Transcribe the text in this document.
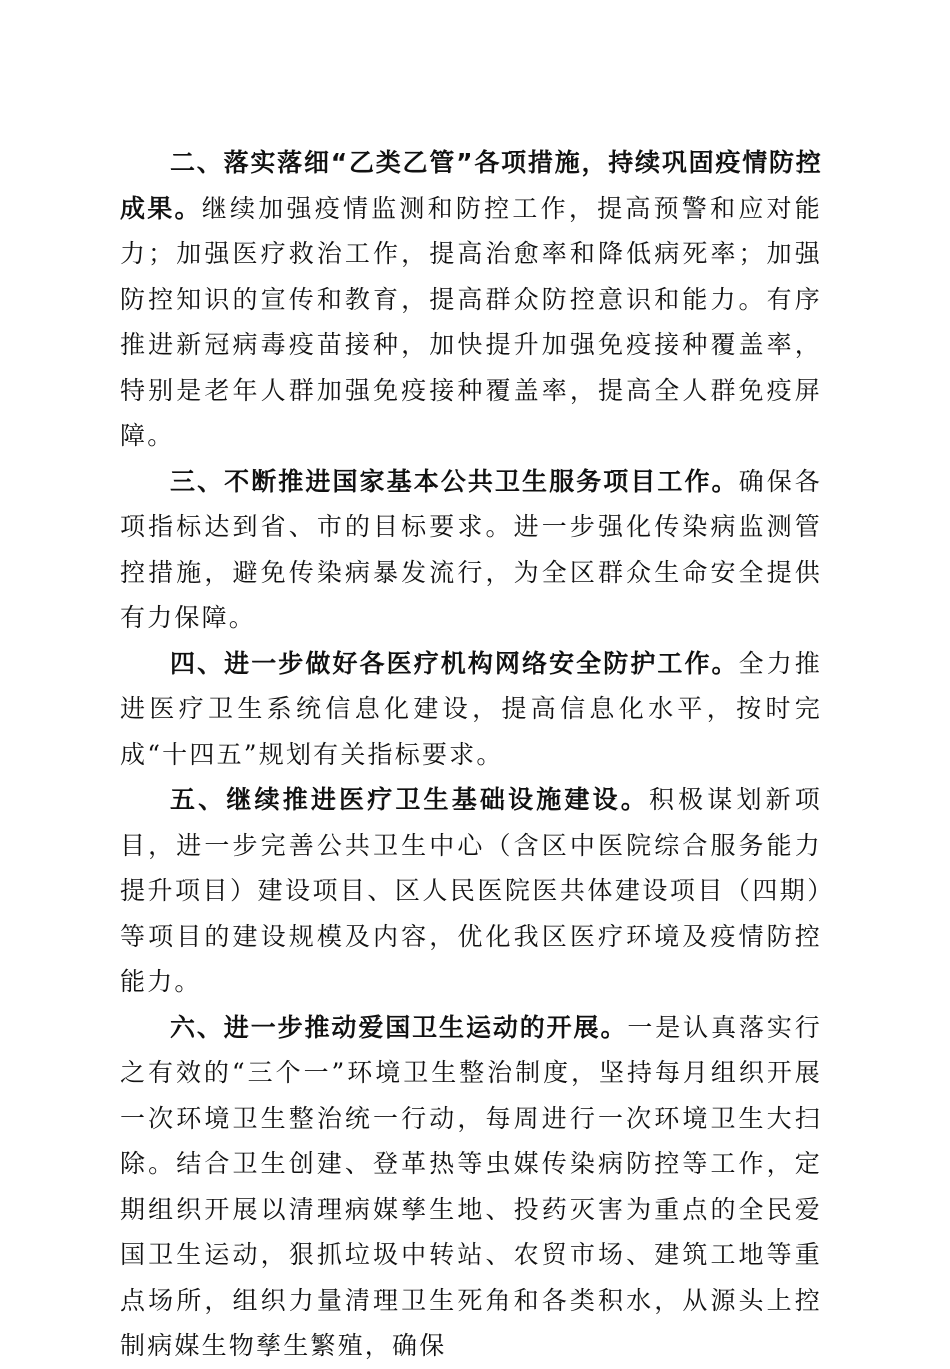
二、落实落细“乙类乙管”各项措施，持续巩固疫情防控成果。继续加强疫情监测和防控工作，提高预警和应对能力；加强医疗救治工作，提高治愈率和降低病死率；加强防控知识的宣传和教育，提高群众防控意识和能力。有序推进新冠病毒疫苗接种，加快提升加强免疫接种覆盖率，特别是老年人群加强免疫接种覆盖率，提高全人群免疫屏障。

三、不断推进国家基本公共卫生服务项目工作。确保各项指标达到省、市的目标要求。进一步强化传染病监测管控措施，避免传染病暴发流行，为全区群众生命安全提供有力保障。

四、进一步做好各医疗机构网络安全防护工作。全力推进医疗卫生系统信息化建设，提高信息化水平，按时完成“十四五”规划有关指标要求。

五、继续推进医疗卫生基础设施建设。积极谋划新项目，进一步完善公共卫生中心（含区中医院综合服务能力提升项目）建设项目、区人民医院医共体建设项目（四期）等项目的建设规模及内容，优化我区医疗环境及疫情防控能力。

六、进一步推动爱国卫生运动的开展。一是认真落实行之有效的“三个一”环境卫生整治制度，坚持每月组织开展一次环境卫生整治统一行动，每周进行一次环境卫生大扫除。结合卫生创建、登革热等虫媒传染病防控等工作，定期组织开展以清理病媒孳生地、投药灭害为重点的全民爱国卫生运动，狠抓垃圾中转站、农贸市场、建筑工地等重点场所，组织力量清理卫生死角和各类积水，从源头上控制病媒生物孳生繁殖，确保
